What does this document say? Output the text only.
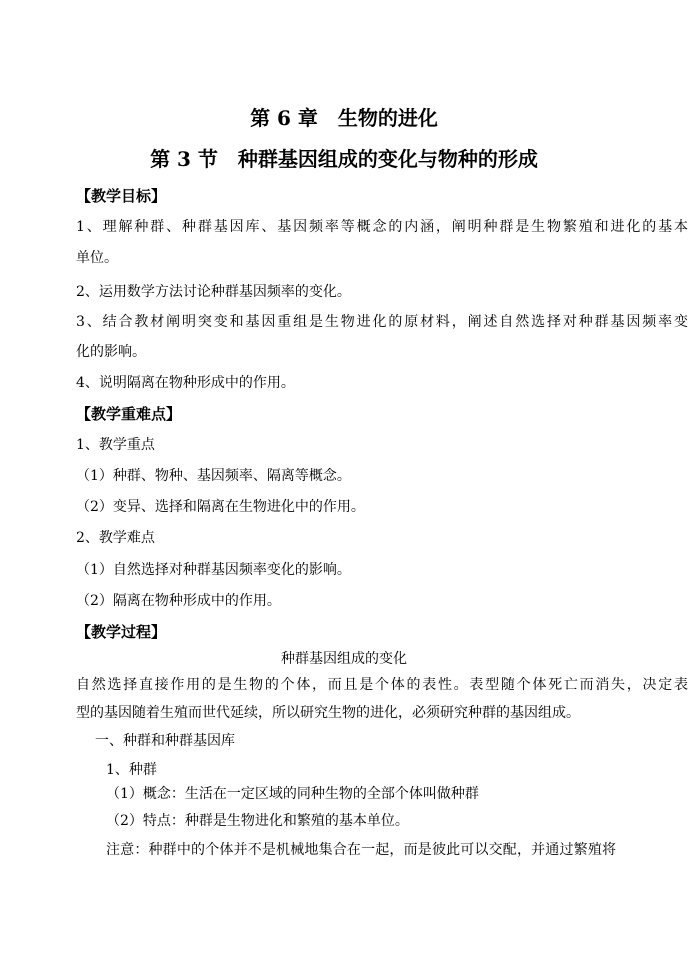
第 6 章　生物的进化
第 3 节　种群基因组成的变化与物种的形成
【教学目标】
1、理解种群、种群基因库、基因频率等概念的内涵，阐明种群是生物繁殖和进化的基本
单位。
2、运用数学方法讨论种群基因频率的变化。
3、结合教材阐明突变和基因重组是生物进化的原材料，阐述自然选择对种群基因频率变
化的影响。
4、说明隔离在物种形成中的作用。
【教学重难点】
1、教学重点
（1）种群、物种、基因频率、隔离等概念。
（2）变异、选择和隔离在生物进化中的作用。
2、教学难点
（1）自然选择对种群基因频率变化的影响。
（2）隔离在物种形成中的作用。
【教学过程】
种群基因组成的变化
自然选择直接作用的是生物的个体，而且是个体的表性。表型随个体死亡而消失，决定表
型的基因随着生殖而世代延续，所以研究生物的进化，必须研究种群的基因组成。
一、种群和种群基因库
1、种群
（1）概念：生活在一定区域的同种生物的全部个体叫做种群
（2）特点：种群是生物进化和繁殖的基本单位。
注意：种群中的个体并不是机械地集合在一起，而是彼此可以交配，并通过繁殖将
